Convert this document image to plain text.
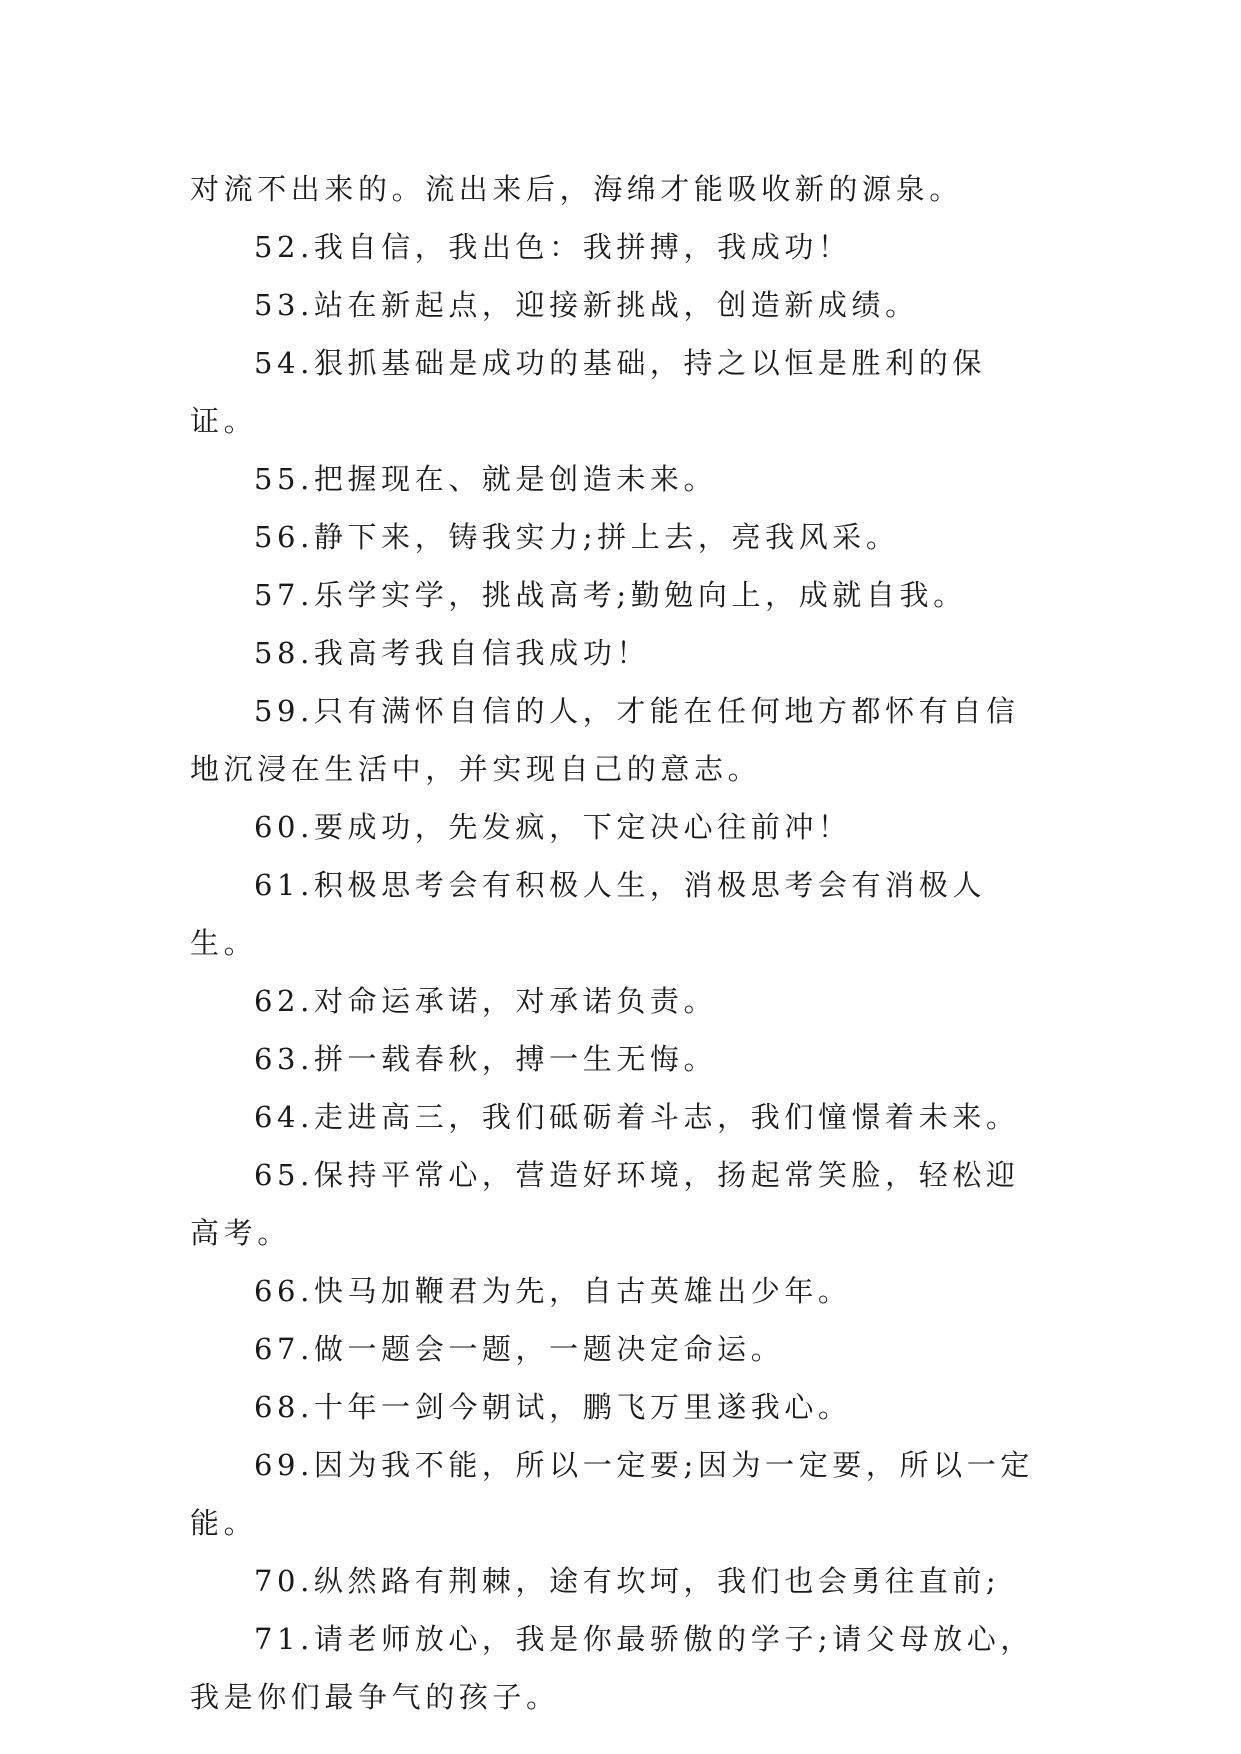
对流不出来的。流出来后，海绵才能吸收新的源泉。

52.我自信，我出色：我拼搏，我成功！

53.站在新起点，迎接新挑战，创造新成绩。

54.狠抓基础是成功的基础，持之以恒是胜利的保证。

55.把握现在、就是创造未来。

56.静下来，铸我实力;拼上去，亮我风采。

57.乐学实学，挑战高考;勤勉向上，成就自我。

58.我高考我自信我成功！

59.只有满怀自信的人，才能在任何地方都怀有自信地沉浸在生活中，并实现自己的意志。

60.要成功，先发疯，下定决心往前冲！

61.积极思考会有积极人生，消极思考会有消极人生。

62.对命运承诺，对承诺负责。

63.拼一载春秋，搏一生无悔。

64.走进高三，我们砥砺着斗志，我们憧憬着未来。

65.保持平常心，营造好环境，扬起常笑脸，轻松迎高考。

66.快马加鞭君为先，自古英雄出少年。

67.做一题会一题，一题决定命运。

68.十年一剑今朝试，鹏飞万里遂我心。

69.因为我不能，所以一定要;因为一定要，所以一定能。

70.纵然路有荆棘，途有坎坷，我们也会勇往直前;

71.请老师放心，我是你最骄傲的学子;请父母放心，我是你们最争气的孩子。
